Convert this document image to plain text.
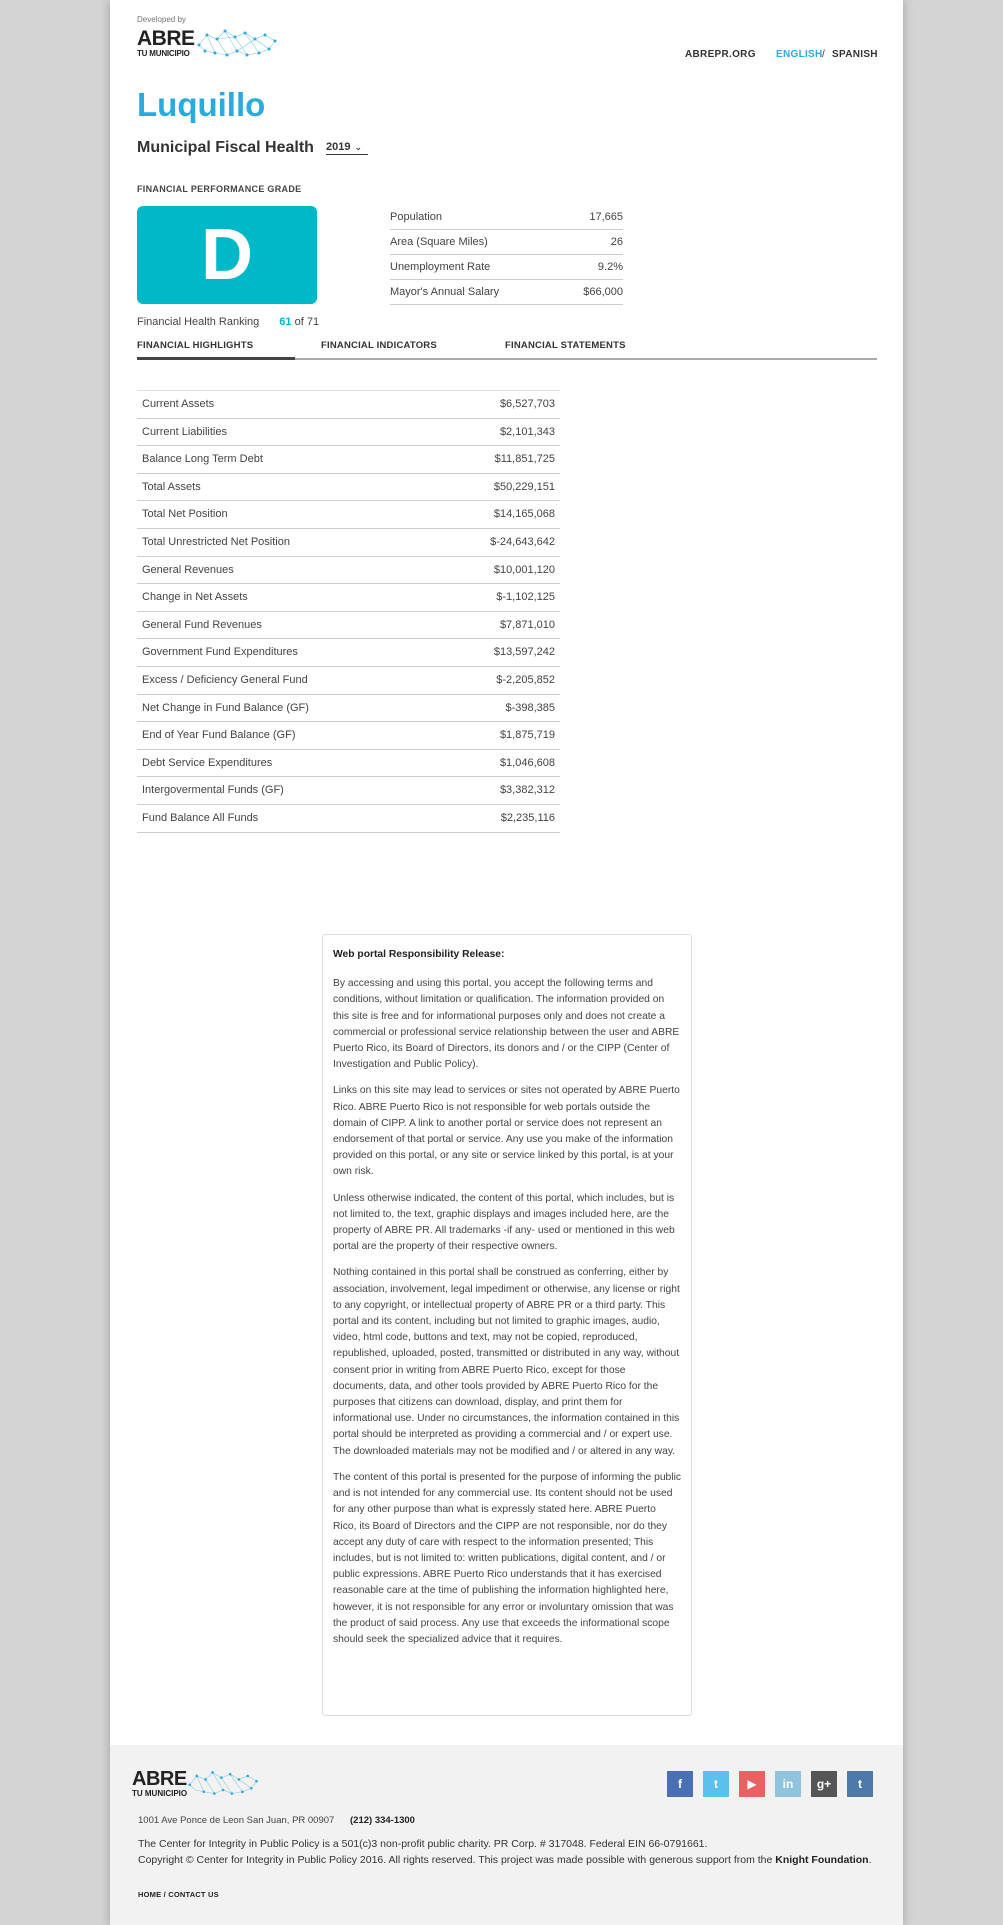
Developed by
ABRE
TU MUNICIPIO	ABREPR.ORG ENGLISH / SPANISH
Luquillo
Municipal Fiscal Health 2019 ⌄
FINANCIAL PERFORMANCE GRADE
D
Financial Health Ranking 61 of 71
Population	17,665
Area (Square Miles)	26
Unemployment Rate	9.2%
Mayor's Annual Salary	$66,000
FINANCIAL HIGHLIGHTS	FINANCIAL INDICATORS	FINANCIAL STATEMENTS
Current Assets	$6,527,703
Current Liabilities	$2,101,343
Balance Long Term Debt	$11,851,725
Total Assets	$50,229,151
Total Net Position	$14,165,068
Total Unrestricted Net Position	$-24,643,642
General Revenues	$10,001,120
Change in Net Assets	$-1,102,125
General Fund Revenues	$7,871,010
Government Fund Expenditures	$13,597,242
Excess / Deficiency General Fund	$-2,205,852
Net Change in Fund Balance (GF)	$-398,385
End of Year Fund Balance (GF)	$1,875,719
Debt Service Expenditures	$1,046,608
Intergovermental Funds (GF)	$3,382,312
Fund Balance All Funds	$2,235,116
Web portal Responsibility Release:

By accessing and using this portal, you accept the following terms and conditions, without limitation or qualification. The information provided on this site is free and for informational purposes only and does not create a commercial or professional service relationship between the user and ABRE Puerto Rico, its Board of Directors, its donors and / or the CIPP (Center of Investigation and Public Policy).

Links on this site may lead to services or sites not operated by ABRE Puerto Rico. ABRE Puerto Rico is not responsible for web portals outside the domain of CIPP. A link to another portal or service does not represent an endorsement of that portal or service. Any use you make of the information provided on this portal, or any site or service linked by this portal, is at your own risk.

Unless otherwise indicated, the content of this portal, which includes, but is not limited to, the text, graphic displays and images included here, are the property of ABRE PR. All trademarks -if any- used or mentioned in this web portal are the property of their respective owners.

Nothing contained in this portal shall be construed as conferring, either by association, involvement, legal impediment or otherwise, any license or right to any copyright, or intellectual property of ABRE PR or a third party. This portal and its content, including but not limited to graphic images, audio, video, html code, buttons and text, may not be copied, reproduced, republished, uploaded, posted, transmitted or distributed in any way, without consent prior in writing from ABRE Puerto Rico, except for those documents, data, and other tools provided by ABRE Puerto Rico for the purposes that citizens can download, display, and print them for informational use. Under no circumstances, the information contained in this portal should be interpreted as providing a commercial and / or expert use. The downloaded materials may not be modified and / or altered in any way.

The content of this portal is presented for the purpose of informing the public and is not intended for any commercial use. Its content should not be used for any other purpose than what is expressly stated here. ABRE Puerto Rico, its Board of Directors and the CIPP are not responsible, nor do they accept any duty of care with respect to the information presented; This includes, but is not limited to: written publications, digital content, and / or public expressions. ABRE Puerto Rico understands that it has exercised reasonable care at the time of publishing the information highlighted here, however, it is not responsible for any error or involuntary omission that was the product of said process. Any use that exceeds the informational scope should seek the specialized advice that it requires.

ABRE
TU MUNICIPIO
f	t	▶	in	g+	t
1001 Ave Ponce de Leon San Juan, PR 00907 (212) 334-1300
The Center for Integrity in Public Policy is a 501(c)3 non-profit public charity. PR Corp. # 317048. Federal EIN 66-0791661.
Copyright © Center for Integrity in Public Policy 2016. All rights reserved. This project was made possible with generous support from the Knight Foundation.
HOME / CONTACT US
